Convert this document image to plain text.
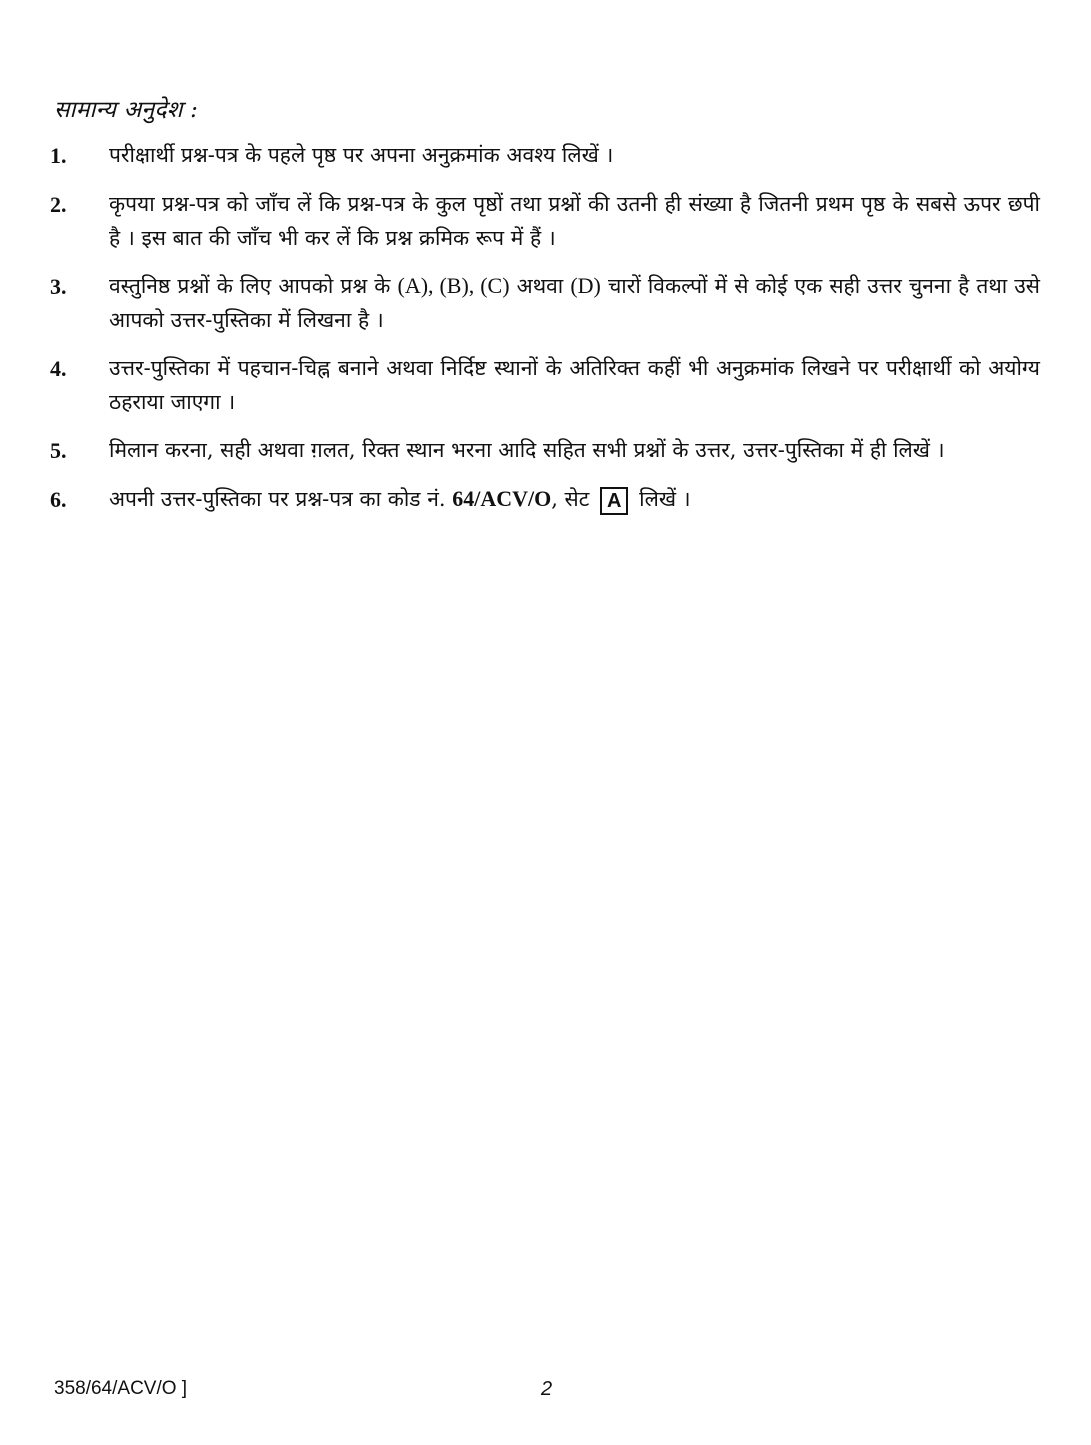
सामान्य अनुदेश :
1.	परीक्षार्थी प्रश्न-पत्र के पहले पृष्ठ पर अपना अनुक्रमांक अवश्य लिखें ।
2.	कृपया प्रश्न-पत्र को जाँच लें कि प्रश्न-पत्र के कुल पृष्ठों तथा प्रश्नों की उतनी ही संख्या है जितनी प्रथम पृष्ठ के सबसे ऊपर छपी है । इस बात की जाँच भी कर लें कि प्रश्न क्रमिक रूप में हैं ।
3.	वस्तुनिष्ठ प्रश्नों के लिए आपको प्रश्न के (A), (B), (C) अथवा (D) चारों विकल्पों में से कोई एक सही उत्तर चुनना है तथा उसे आपको उत्तर-पुस्तिका में लिखना है ।
4.	उत्तर-पुस्तिका में पहचान-चिह्न बनाने अथवा निर्दिष्ट स्थानों के अतिरिक्त कहीं भी अनुक्रमांक लिखने पर परीक्षार्थी को अयोग्य ठहराया जाएगा ।
5.	मिलान करना, सही अथवा ग़लत, रिक्त स्थान भरना आदि सहित सभी प्रश्नों के उत्तर, उत्तर-पुस्तिका में ही लिखें ।
6.	अपनी उत्तर-पुस्तिका पर प्रश्न-पत्र का कोड नं. 64/ACV/O, सेट A लिखें ।
358/64/ACV/O ]	2
